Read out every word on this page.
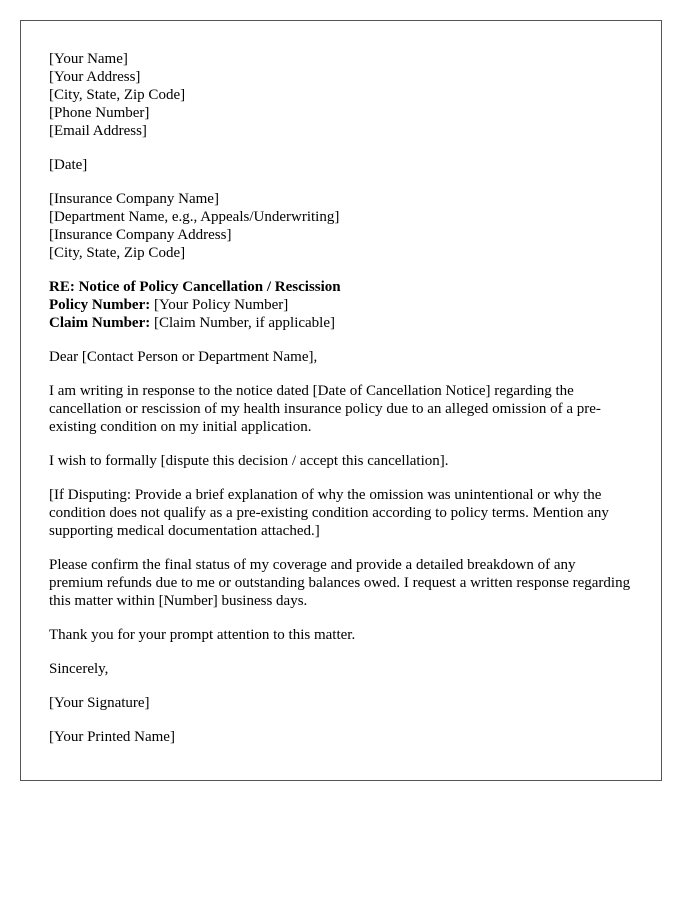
[Your Name]
[Your Address]
[City, State, Zip Code]
[Phone Number]
[Email Address]
[Date]
[Insurance Company Name]
[Department Name, e.g., Appeals/Underwriting]
[Insurance Company Address]
[City, State, Zip Code]
RE: Notice of Policy Cancellation / Rescission
Policy Number: [Your Policy Number]
Claim Number: [Claim Number, if applicable]

Dear [Contact Person or Department Name],

I am writing in response to the notice dated [Date of Cancellation Notice] regarding the cancellation or rescission of my health insurance policy due to an alleged omission of a pre-existing condition on my initial application.

I wish to formally [dispute this decision / accept this cancellation].

[If Disputing: Provide a brief explanation of why the omission was unintentional or why the condition does not qualify as a pre-existing condition according to policy terms. Mention any supporting medical documentation attached.]

Please confirm the final status of my coverage and provide a detailed breakdown of any premium refunds due to me or outstanding balances owed. I request a written response regarding this matter within [Number] business days.

Thank you for your prompt attention to this matter.

Sincerely,

[Your Signature]

[Your Printed Name]
